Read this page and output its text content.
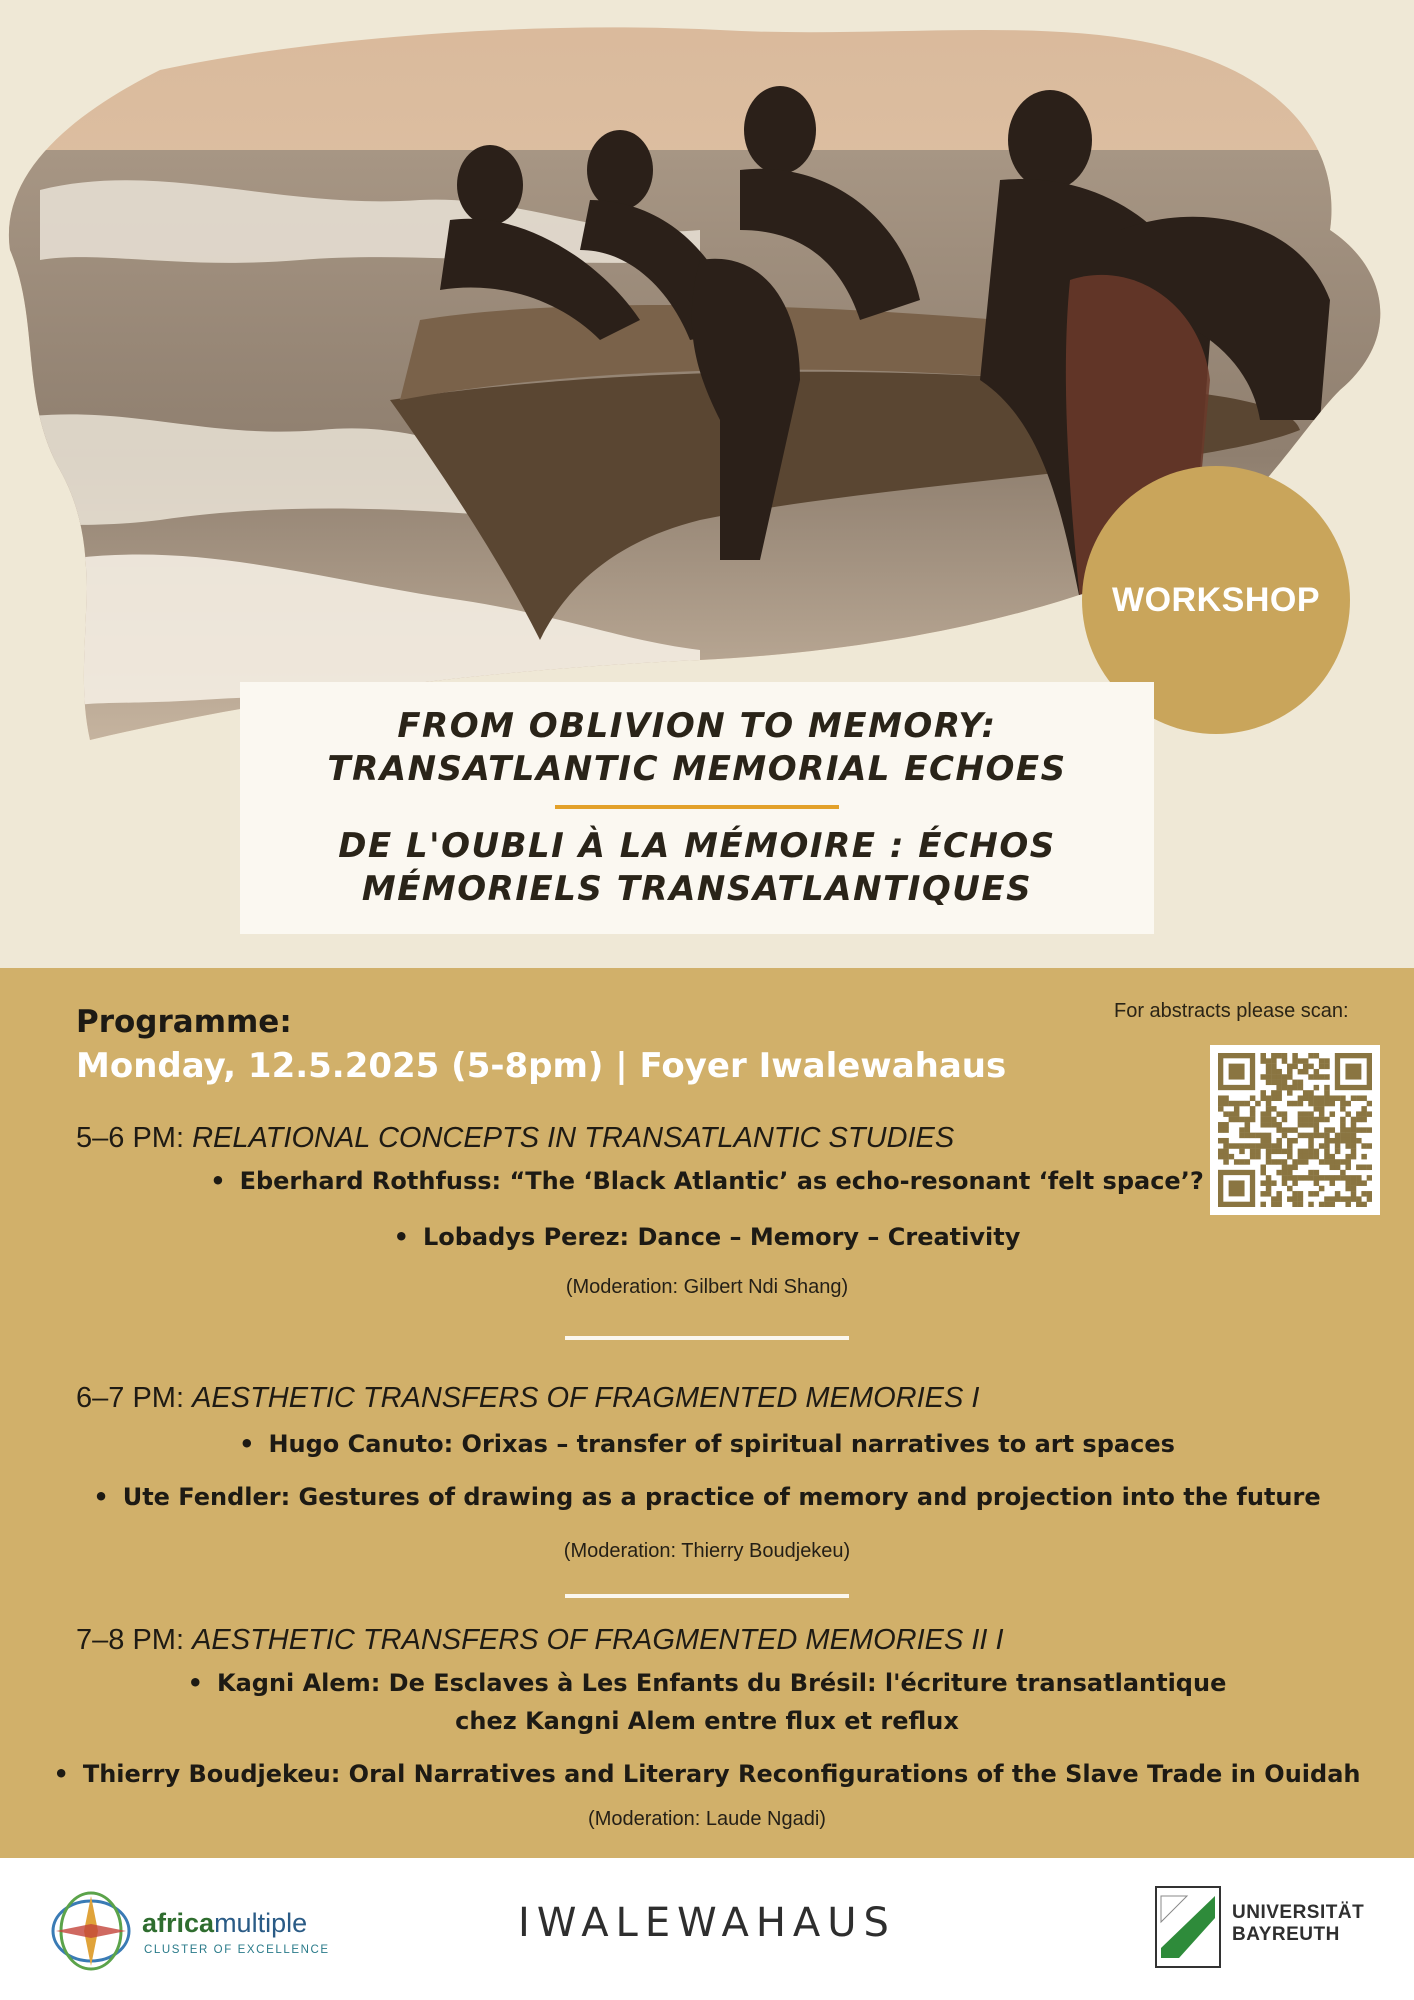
WORKSHOP
FROM OBLIVION TO MEMORY:
TRANSATLANTIC MEMORIAL ECHOES
DE L'OUBLI À LA MÉMOIRE : ÉCHOS
MÉMORIELS TRANSATLANTIQUES
Programme:
Monday, 12.5.2025 (5-8pm) | Foyer Iwalewahaus
For abstracts please scan:
5–6 PM: RELATIONAL CONCEPTS IN TRANSATLANTIC STUDIES
• Eberhard Rothfuss: “The ‘Black Atlantic’ as echo-resonant ‘felt space’?
• Lobadys Perez: Dance – Memory – Creativity
(Moderation: Gilbert Ndi Shang)
6–7 PM: AESTHETIC TRANSFERS OF FRAGMENTED MEMORIES I
• Hugo Canuto: Orixas – transfer of spiritual narratives to art spaces
• Ute Fendler: Gestures of drawing as a practice of memory and projection into the future
(Moderation: Thierry Boudjekeu)
7–8 PM: AESTHETIC TRANSFERS OF FRAGMENTED MEMORIES II I
• Kagni Alem: De Esclaves à Les Enfants du Brésil: l'écriture transatlantique
chez Kangni Alem entre flux et reflux
• Thierry Boudjekeu: Oral Narratives and Literary Reconfigurations of the Slave Trade in Ouidah
(Moderation: Laude Ngadi)
africamultiple
CLUSTER OF EXCELLENCE
IWALEWAHAUS	UNIVERSITÄT
BAYREUTH
